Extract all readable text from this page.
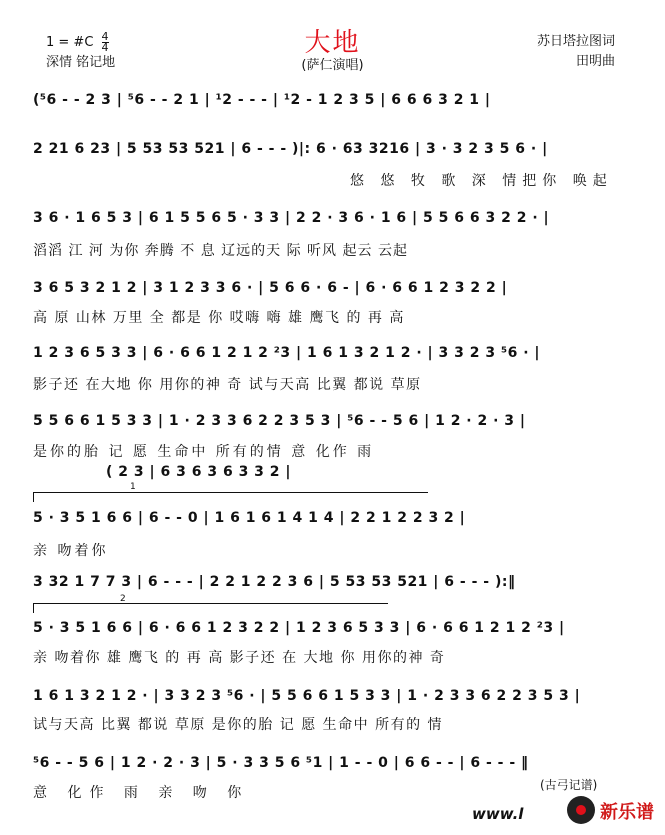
1 = #C $\frac{4}{4}$
深情 铭记地
大地
(萨仁演唱)
苏日塔拉图词
田明曲
(⁵6 - - 2 3 | ⁵6 - - 2 1 | ¹2 - - - | ¹2 - 1 2 3 5 | 6 6 6 3 2 1 |
2 21 6 23 | 5 53 53 521 | 6 - - - )|: 6 · 63 3216 | 3 · 3 2 3 5 6 · |
悠 悠 牧 歌 深 情把你 唤起
3 6 · 1 6 5 3 | 6 1 5 5 6 5 · 3 3 | 2 2 · 3 6 · 1 6 | 5 5 6 6 3 2 2 · |
滔滔 江 河 为你 奔腾 不 息 辽远的天 际 听风 起云 云起
3 6 5 3 2 1 2 | 3 1 2 3 3 6 · | 5 6 6 · 6 - | 6 · 6 6 1 2 3 2 2 |
高 原 山林 万里 全 都是 你 哎嗨 嗨 雄 鹰飞 的 再 高
1 2 3 6 5 3 3 | 6 · 6 6 1 2 1 2 ²3 | 1 6 1 3 2 1 2 · | 3 3 2 3 ⁵6 · |
影子还 在大地 你 用你的神 奇 试与天高 比翼 都说 草原
5 5 6 6 1 5 3 3 | 1 · 2 3 3 6 2 2 3 5 3 | ⁵6 - - 5 6 | 1 2 · 2 · 3 |
是你的胎 记 愿 生命中 所有的情 意 化作 雨
( 2 3 | 6 3 6 3 6 3 3 2 |
1
5 · 3 5 1 6 6 | 6 - - 0 | 1 6 1 6 1 4 1 4 | 2 2 1 2 2 3 2 |
亲 吻着你
3 32 1 7 7 3 | 6 - - - | 2 2 1 2 2 3 6 | 5 53 53 521 | 6 - - - ):‖
2
5 · 3 5 1 6 6 | 6 · 6 6 1 2 3 2 2 | 1 2 3 6 5 3 3 | 6 · 6 6 1 2 1 2 ²3 |
亲 吻着你 雄 鹰飞 的 再 高 影子还 在 大地 你 用你的神 奇
1 6 1 3 2 1 2 · | 3 3 2 3 ⁵6 · | 5 5 6 6 1 5 3 3 | 1 · 2 3 3 6 2 2 3 5 3 |
试与天高 比翼 都说 草原 是你的胎 记 愿 生命中 所有的 情
⁵6 - - 5 6 | 1 2 · 2 · 3 | 5 · 3 3 5 6 ⁵1 | 1 - - 0 | 6 6 - - | 6 - - - ‖
意 化作 雨 亲 吻 你	(古弓记谱)
www.l	新乐谱
